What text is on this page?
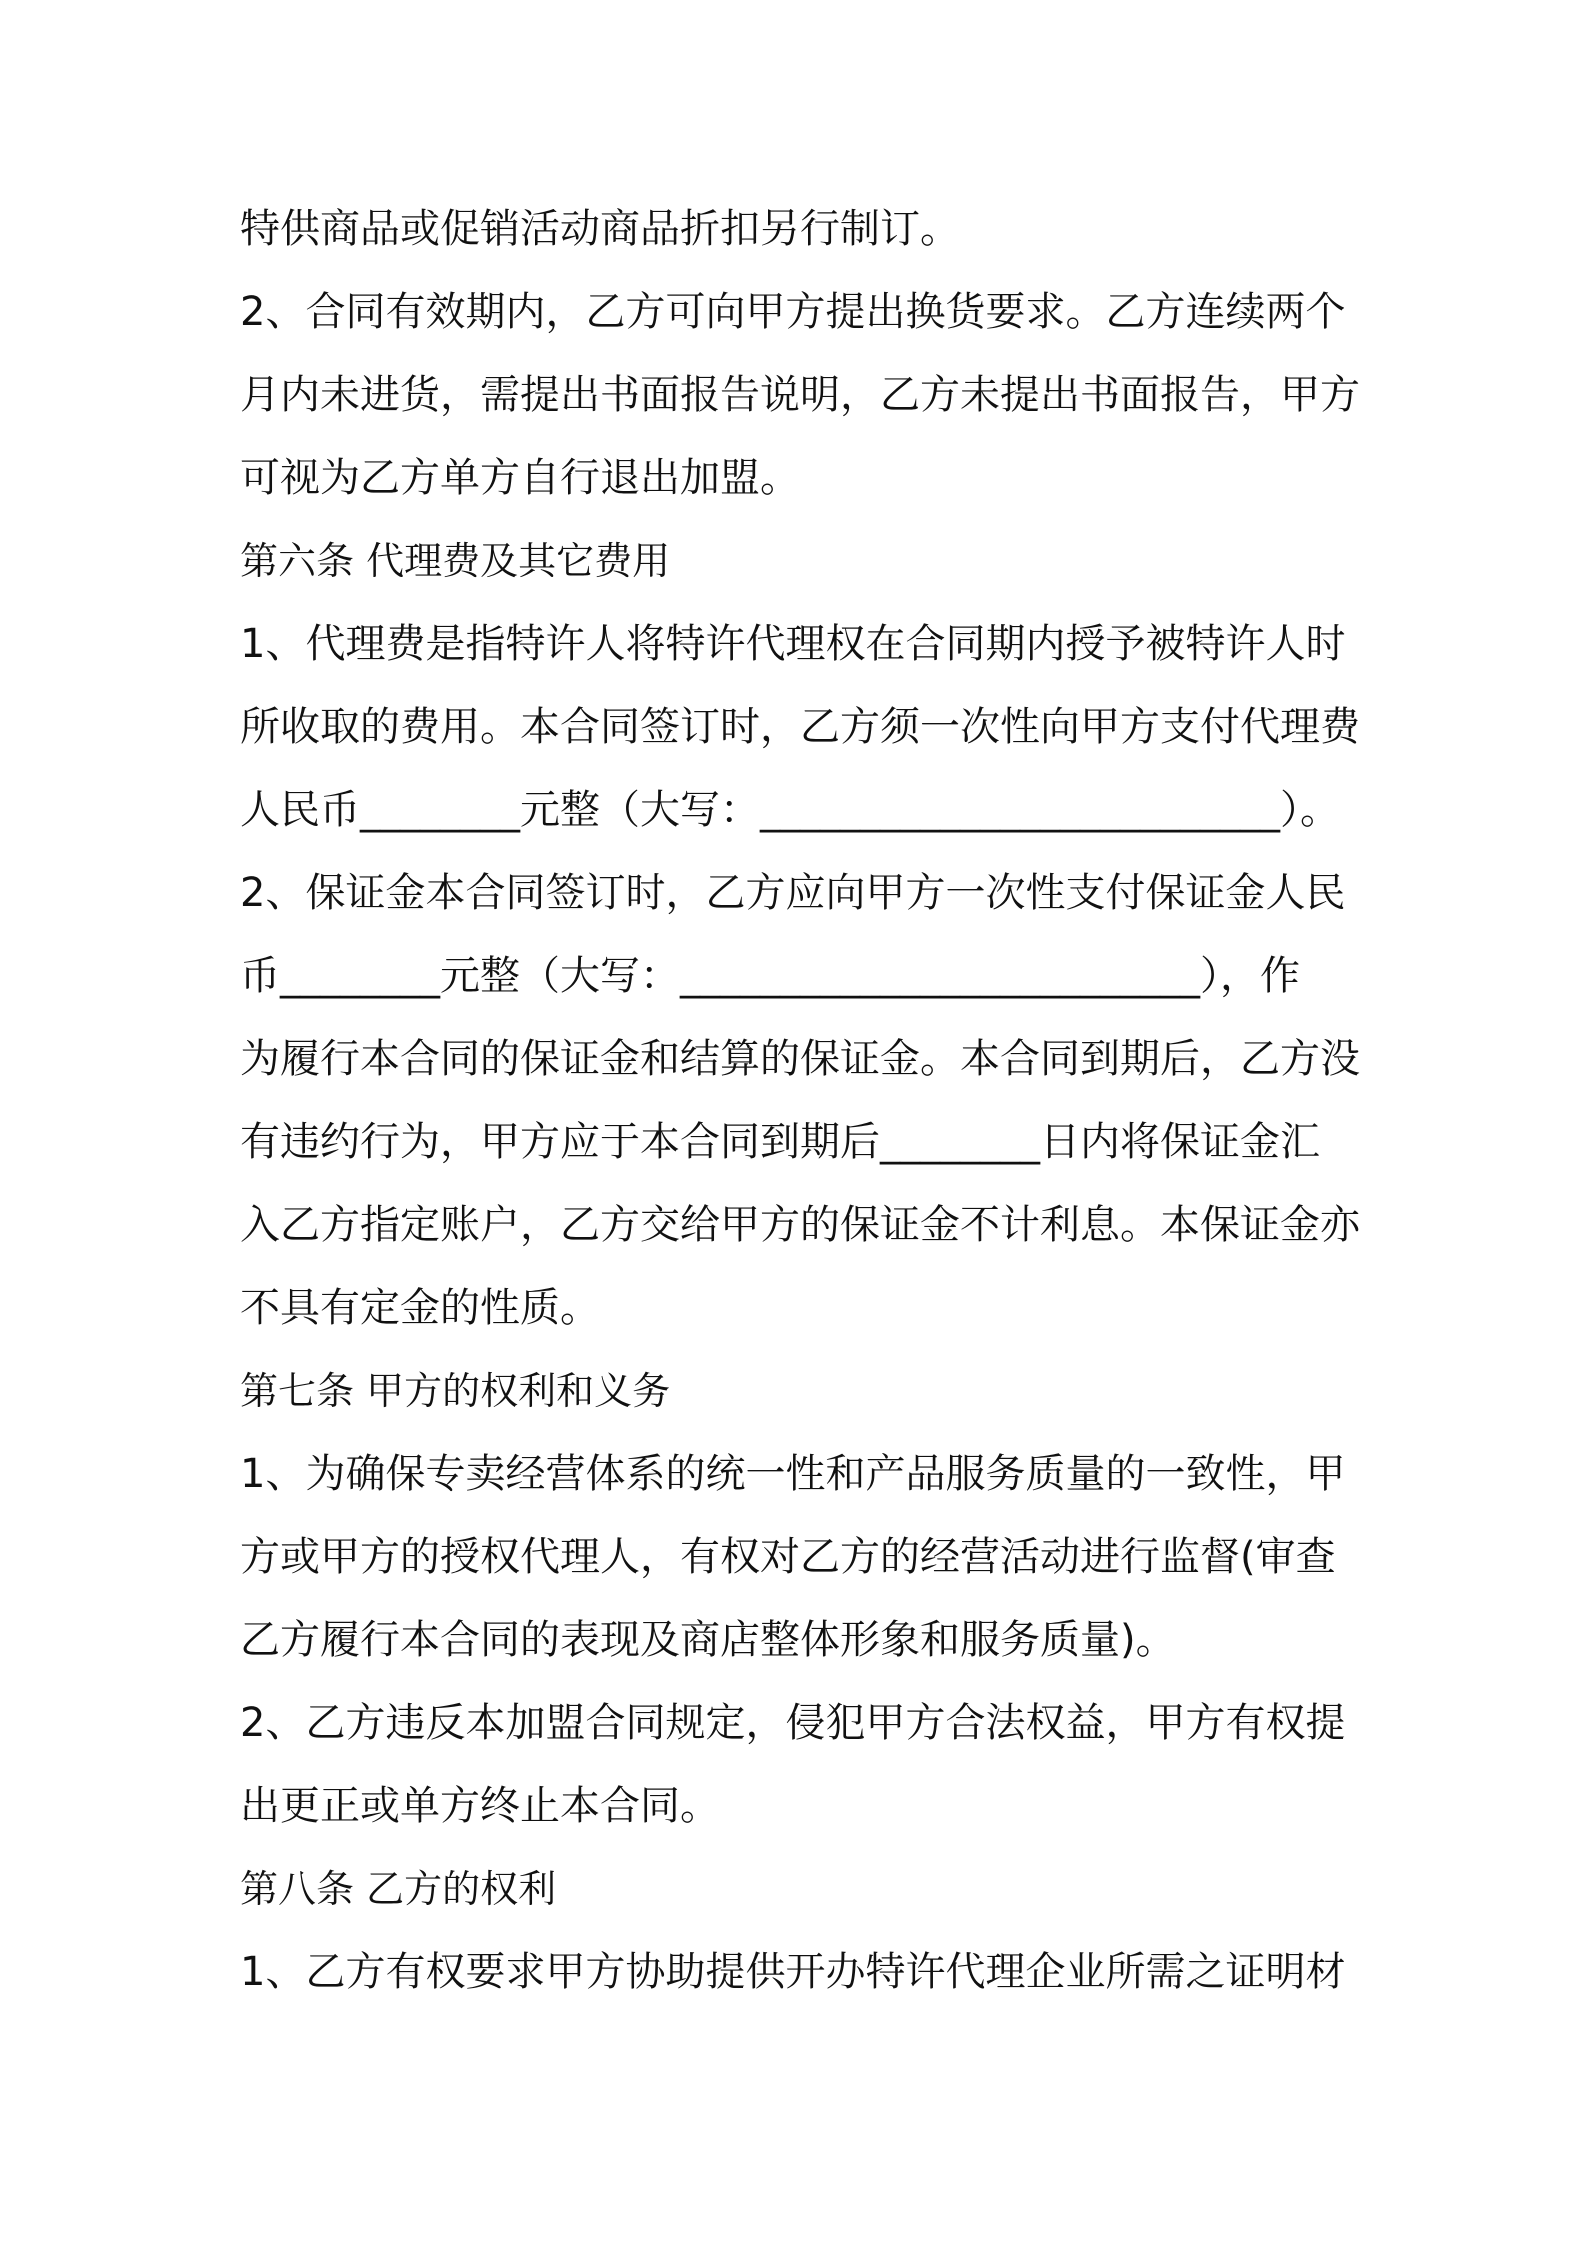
特供商品或促销活动商品折扣另行制订。
2、合同有效期内，乙方可向甲方提出换货要求。乙方连续两个
月内未进货，需提出书面报告说明，乙方未提出书面报告，甲方
可视为乙方单方自行退出加盟。
第六条 代理费及其它费用
1、代理费是指特许人将特许代理权在合同期内授予被特许人时
所收取的费用。本合同签订时，乙方须一次性向甲方支付代理费
人民币________元整（大写：__________________________）。
2、保证金本合同签订时，乙方应向甲方一次性支付保证金人民
币________元整（大写：__________________________），作
为履行本合同的保证金和结算的保证金。本合同到期后，乙方没
有违约行为，甲方应于本合同到期后________日内将保证金汇
入乙方指定账户，乙方交给甲方的保证金不计利息。本保证金亦
不具有定金的性质。
第七条 甲方的权利和义务
1、为确保专卖经营体系的统一性和产品服务质量的一致性，甲
方或甲方的授权代理人，有权对乙方的经营活动进行监督(审查
乙方履行本合同的表现及商店整体形象和服务质量)。
2、乙方违反本加盟合同规定，侵犯甲方合法权益，甲方有权提
出更正或单方终止本合同。
第八条 乙方的权利
1、乙方有权要求甲方协助提供开办特许代理企业所需之证明材
